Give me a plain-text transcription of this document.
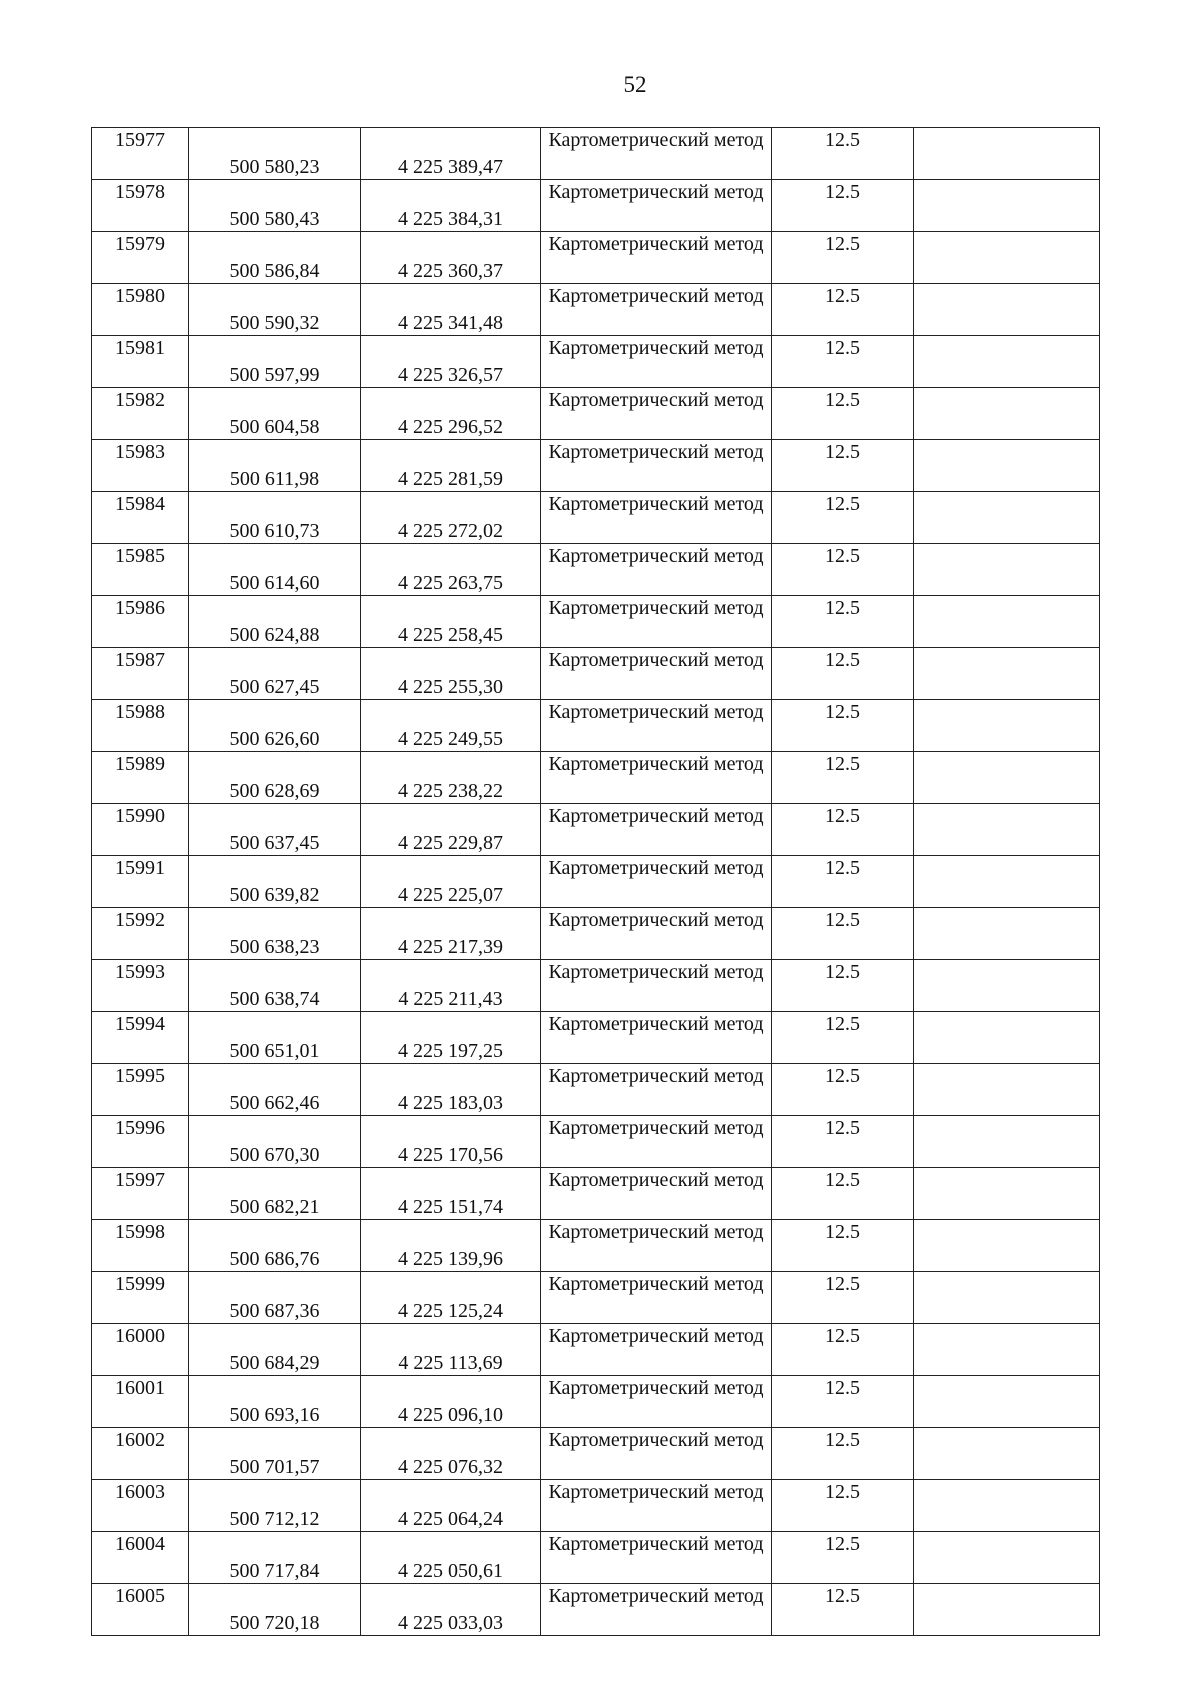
52
15977	500 580,23	4 225 389,47	Картометрический метод	12.5	
15978	500 580,43	4 225 384,31	Картометрический метод	12.5	
15979	500 586,84	4 225 360,37	Картометрический метод	12.5	
15980	500 590,32	4 225 341,48	Картометрический метод	12.5	
15981	500 597,99	4 225 326,57	Картометрический метод	12.5	
15982	500 604,58	4 225 296,52	Картометрический метод	12.5	
15983	500 611,98	4 225 281,59	Картометрический метод	12.5	
15984	500 610,73	4 225 272,02	Картометрический метод	12.5	
15985	500 614,60	4 225 263,75	Картометрический метод	12.5	
15986	500 624,88	4 225 258,45	Картометрический метод	12.5	
15987	500 627,45	4 225 255,30	Картометрический метод	12.5	
15988	500 626,60	4 225 249,55	Картометрический метод	12.5	
15989	500 628,69	4 225 238,22	Картометрический метод	12.5	
15990	500 637,45	4 225 229,87	Картометрический метод	12.5	
15991	500 639,82	4 225 225,07	Картометрический метод	12.5	
15992	500 638,23	4 225 217,39	Картометрический метод	12.5	
15993	500 638,74	4 225 211,43	Картометрический метод	12.5	
15994	500 651,01	4 225 197,25	Картометрический метод	12.5	
15995	500 662,46	4 225 183,03	Картометрический метод	12.5	
15996	500 670,30	4 225 170,56	Картометрический метод	12.5	
15997	500 682,21	4 225 151,74	Картометрический метод	12.5	
15998	500 686,76	4 225 139,96	Картометрический метод	12.5	
15999	500 687,36	4 225 125,24	Картометрический метод	12.5	
16000	500 684,29	4 225 113,69	Картометрический метод	12.5	
16001	500 693,16	4 225 096,10	Картометрический метод	12.5	
16002	500 701,57	4 225 076,32	Картометрический метод	12.5	
16003	500 712,12	4 225 064,24	Картометрический метод	12.5	
16004	500 717,84	4 225 050,61	Картометрический метод	12.5	
16005	500 720,18	4 225 033,03	Картометрический метод	12.5	
